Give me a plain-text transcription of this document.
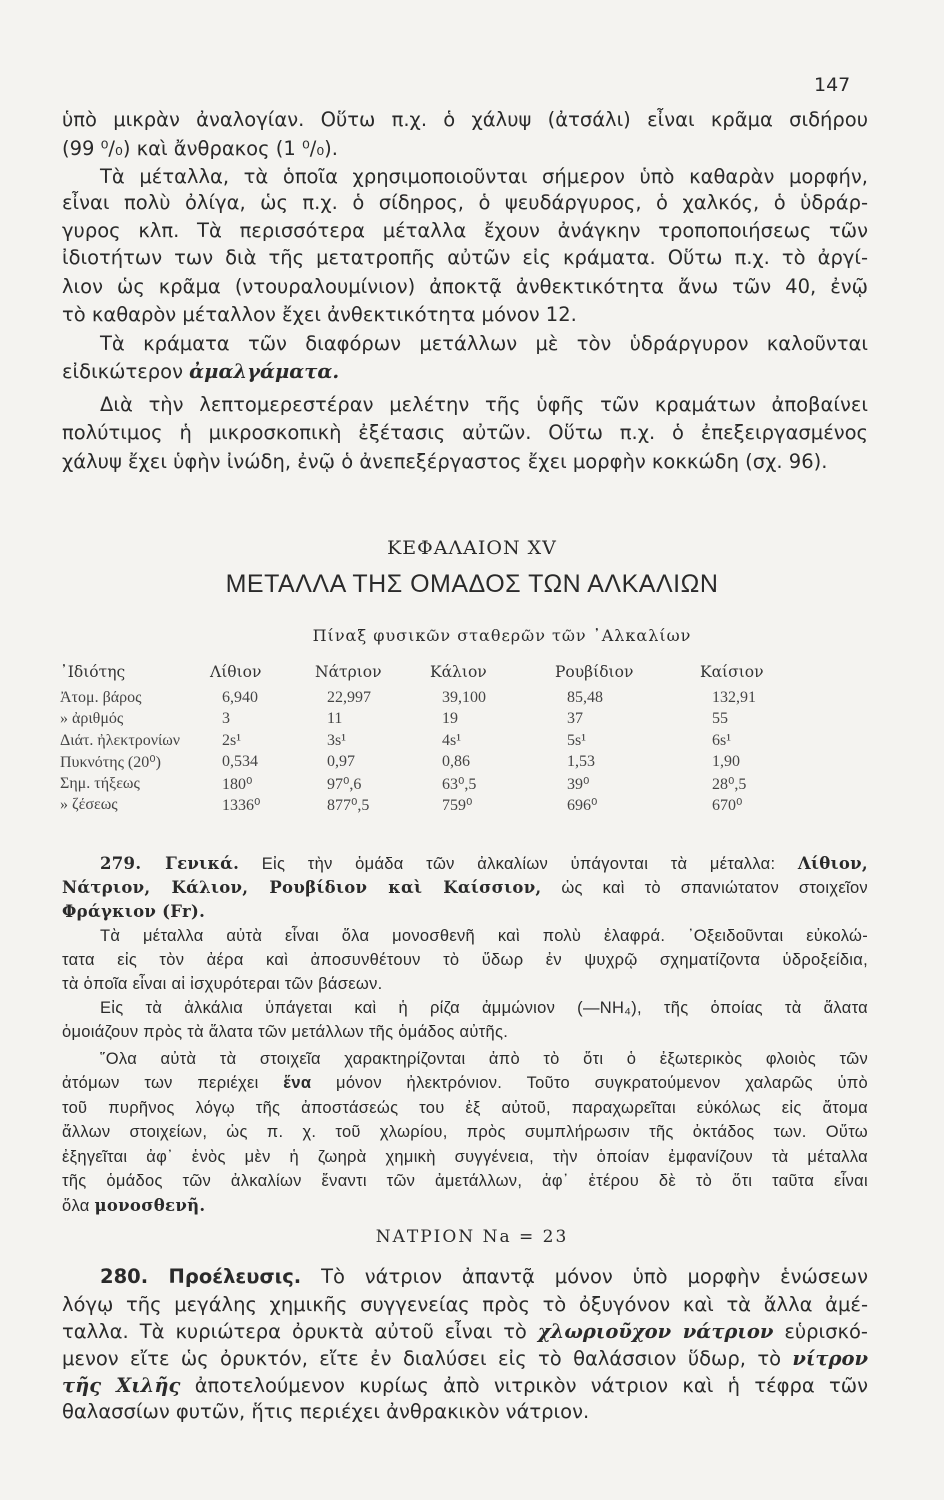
147
ὑπὸ μικρὰν ἀναλογίαν. Οὕτω π.χ. ὁ χάλυψ (ἀτσάλι) εἶναι κρᾶμα σιδήρου
(99 ⁰/₀) καὶ ἄνθρακος (1 ⁰/₀).
Τὰ μέταλλα, τὰ ὁποῖα χρησιμοποιοῦνται σήμερον ὑπὸ καθαρὰν μορφήν,
εἶναι πολὺ ὀλίγα, ὡς π.χ. ὁ σίδηρος, ὁ ψευδάργυρος, ὁ χαλκός, ὁ ὑδράρ-
γυρος κλπ. Τὰ περισσότερα μέταλλα ἔχουν ἀνάγκην τροποποιήσεως τῶν
ἰδιοτήτων των διὰ τῆς μετατροπῆς αὐτῶν εἰς κράματα. Οὕτω π.χ. τὸ ἀργί-
λιον ὡς κρᾶμα (ντουραλουμίνιον) ἀποκτᾷ ἀνθεκτικότητα ἄνω τῶν 40, ἐνῷ
τὸ καθαρὸν μέταλλον ἔχει ἀνθεκτικότητα μόνον 12.
Τὰ κράματα τῶν διαφόρων μετάλλων μὲ τὸν ὑδράργυρον καλοῦνται
εἰδικώτερον ἀμαλγάματα.
Διὰ τὴν λεπτομερεστέραν μελέτην τῆς ὑφῆς τῶν κραμάτων ἀποβαίνει
πολύτιμος ἡ μικροσκοπικὴ ἐξέτασις αὐτῶν. Οὕτω π.χ. ὁ ἐπεξειργασμένος
χάλυψ ἔχει ὑφὴν ἰνώδη, ἐνῷ ὁ ἀνεπεξέργαστος ἔχει μορφὴν κοκκώδη (σχ. 96).
ΚΕΦΑΛΑΙΟΝ XV
ΜΕΤΑΛΛΑ ΤΗΣ ΟΜΑΔΟΣ ΤΩΝ ΑΛΚΑΛΙΩΝ
Πίναξ φυσικῶν σταθερῶν τῶν ᾿Αλκαλίων
᾿Ιδιότης	Λίθιον	Νάτριον	Κάλιον	Ρουβίδιον	Καίσιον
Ἀτομ. βάρος	6,940	22,997	39,100	85,48	132,91
» ἀριθμός	3	11	19	37	55
Διάτ. ἠλεκτρονίων	2s¹	3s¹	4s¹	5s¹	6s¹
Πυκνότης (20⁰)	0,534	0,97	0,86	1,53	1,90
Σημ. τήξεως	180⁰	97⁰,6	63⁰,5	39⁰	28⁰,5
» ζέσεως	1336⁰	877⁰,5	759⁰	696⁰	670⁰
279. Γενικά. Εἰς τὴν ὁμάδα τῶν ἀλκαλίων ὑπάγονται τὰ μέταλλα: Λίθιον,
Νάτριον, Κάλιον, Ρουβίδιον καὶ Καίσσιον, ὡς καὶ τὸ σπανιώτατον στοιχεῖον
Φράγκιον (Fr).
Τὰ μέταλλα αὐτὰ εἶναι ὅλα μονοσθενῆ καὶ πολὺ ἐλαφρά. ᾿Οξειδοῦνται εὐκολώ-
τατα εἰς τὸν ἀέρα καὶ ἀποσυνθέτουν τὸ ὕδωρ ἐν ψυχρῷ σχηματίζοντα ὑδροξείδια,
τὰ ὁποῖα εἶναι αἱ ἰσχυρότεραι τῶν βάσεων.
Εἰς τὰ ἀλκάλια ὑπάγεται καὶ ἡ ρίζα ἀμμώνιον (—NH₄), τῆς ὁποίας τὰ ἅλατα
ὁμοιάζουν πρὸς τὰ ἅλατα τῶν μετάλλων τῆς ὁμάδος αὐτῆς.
῞Ολα αὐτὰ τὰ στοιχεῖα χαρακτηρίζονται ἀπὸ τὸ ὅτι ὁ ἐξωτερικὸς φλοιὸς τῶν
ἀτόμων των περιέχει ἕνα μόνον ἠλεκτρόνιον. Τοῦτο συγκρατούμενον χαλαρῶς ὑπὸ
τοῦ πυρῆνος λόγῳ τῆς ἀποστάσεώς του ἐξ αὐτοῦ, παραχωρεῖται εὐκόλως εἰς ἄτομα
ἄλλων στοιχείων, ὡς π. χ. τοῦ χλωρίου, πρὸς συμπλήρωσιν τῆς ὀκτάδος των. Οὕτω
ἐξηγεῖται ἀφ᾿ ἑνὸς μὲν ἡ ζωηρὰ χημικὴ συγγένεια, τὴν ὁποίαν ἐμφανίζουν τὰ μέταλλα
τῆς ὁμάδος τῶν ἀλκαλίων ἔναντι τῶν ἀμετάλλων, ἀφ᾿ ἑτέρου δὲ τὸ ὅτι ταῦτα εἶναι
ὅλα μονοσθενῆ.
ΝΑΤΡΙΟΝ Na = 23
280. Προέλευσις. Τὸ νάτριον ἀπαντᾷ μόνον ὑπὸ μορφὴν ἑνώσεων
λόγῳ τῆς μεγάλης χημικῆς συγγενείας πρὸς τὸ ὀξυγόνον καὶ τὰ ἄλλα ἀμέ-
ταλλα. Τὰ κυριώτερα ὀρυκτὰ αὐτοῦ εἶναι τὸ χλωριοῦχον νάτριον εὑρισκό-
μενον εἴτε ὡς ὀρυκτόν, εἴτε ἐν διαλύσει εἰς τὸ θαλάσσιον ὕδωρ, τὸ νίτρον
τῆς Χιλῆς ἀποτελούμενον κυρίως ἀπὸ νιτρικὸν νάτριον καὶ ἡ τέφρα τῶν
θαλασσίων φυτῶν, ἥτις περιέχει ἀνθρακικὸν νάτριον.
